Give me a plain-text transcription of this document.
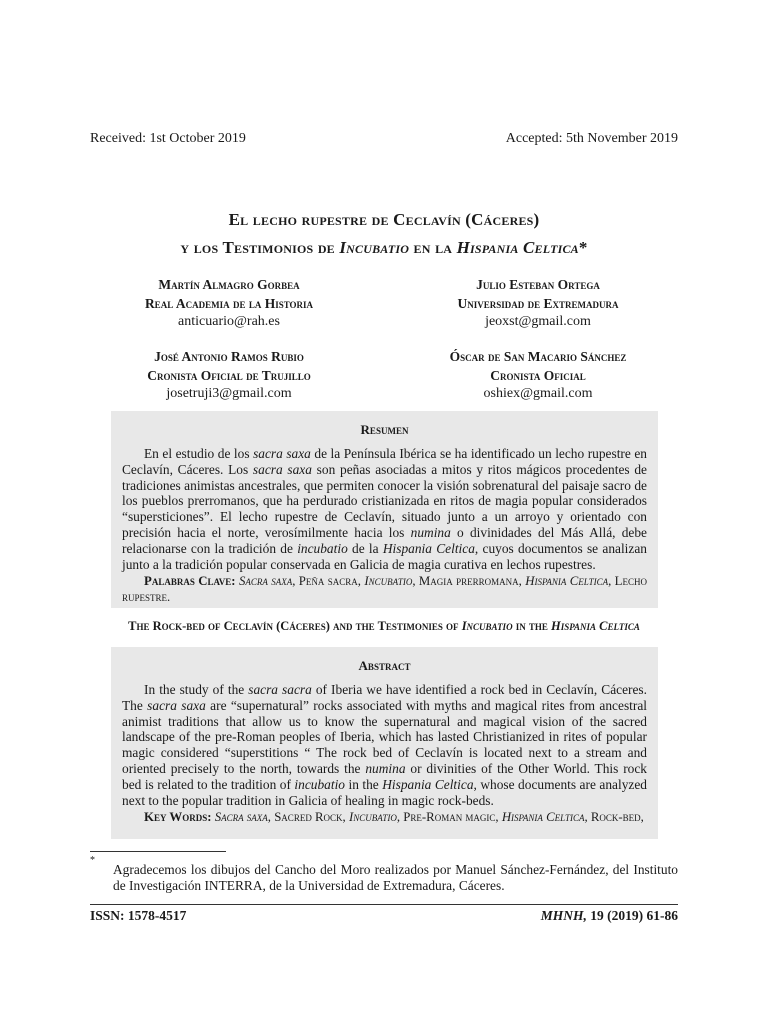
Received: 1st October 2019	Accepted: 5th November 2019
El lecho rupestre de Ceclavín (Cáceres)
y los Testimonios de Incubatio en la Hispania Celtica*
Martín Almagro Gorbea
Real Academia de la Historia
anticuario@rah.es
Julio Esteban Ortega
Universidad de Extremadura
jeoxst@gmail.com
José Antonio Ramos Rubio
Cronista Oficial de Trujillo
josetruji3@gmail.com
Óscar de San Macario Sánchez
Cronista Oficial
oshiex@gmail.com
Resumen

En el estudio de los sacra saxa de la Península Ibérica se ha identificado un lecho rupestre en Ceclavín, Cáceres. Los sacra saxa son peñas asociadas a mitos y ritos mágicos procedentes de tradiciones animistas ancestrales, que permiten conocer la visión sobrenatural del paisaje sacro de los pueblos prerromanos, que ha perdurado cristianizada en ritos de magia popular considerados “supersticiones”. El lecho rupestre de Ceclavín, situado junto a un arroyo y orientado con precisión hacia el norte, verosímilmente hacia los numina o divinidades del Más Allá, debe relacionarse con la tradición de incubatio de la Hispania Celtica, cuyos documentos se analizan junto a la tradición popular conservada en Galicia de magia curativa en lechos rupestres.

Palabras Clave: Sacra saxa, Peña sacra, Incubatio, Magia prerromana, Hispania Celtica, Lecho rupestre.

The Rock-bed of Ceclavín (Cáceres) and the Testimonies of Incubatio in the Hispania Celtica
Abstract

In the study of the sacra sacra of Iberia we have identified a rock bed in Ceclavín, Cáceres. The sacra saxa are “supernatural” rocks associated with myths and magical rites from ancestral animist traditions that allow us to know the supernatural and magical vision of the sacred landscape of the pre-Roman peoples of Iberia, which has lasted Christianized in rites of popular magic considered “superstitions “ The rock bed of Ceclavín is located next to a stream and oriented precisely to the north, towards the numina or divinities of the Other World. This rock bed is related to the tradition of incubatio in the Hispania Celtica, whose documents are analyzed next to the popular tradition in Galicia of healing in magic rock-beds.

Key Words: Sacra saxa, Sacred Rock, Incubatio, Pre-Roman magic, Hispania Celtica, Rock-bed,

*
Agradecemos los dibujos del Cancho del Moro realizados por Manuel Sánchez-Fernández, del Instituto de Investigación INTERRA, de la Universidad de Extremadura, Cáceres.
ISSN: 1578-4517	MHNH, 19 (2019) 61-86
